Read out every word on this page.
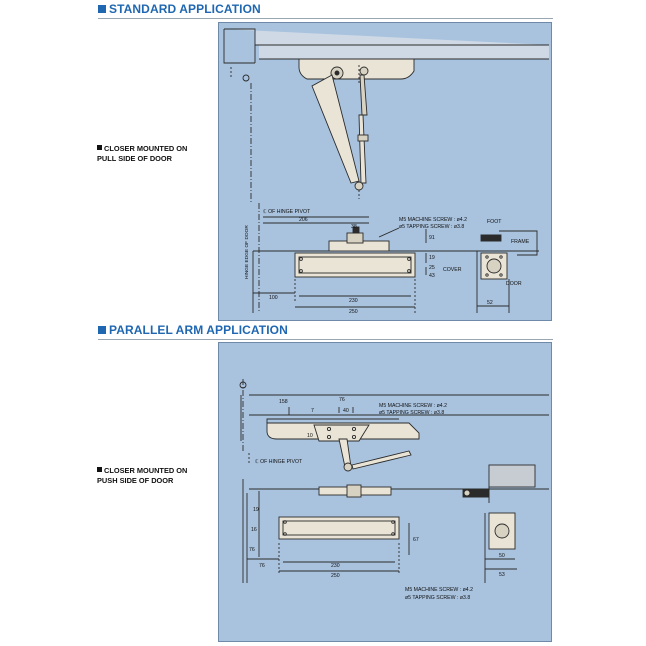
STANDARD APPLICATION
CLOSER MOUNTED ON
PULL SIDE OF DOOR
ℂ OF HINGE PIVOT
HINGE EDGE OF DOOR
M5 MACHINE SCREW : ø4.2
ø5 TAPPING SCREW : ø3.8
206
38
91
19
25
43
100	230
250
FOOT
FRAME
COVER
DOOR
52
PARALLEL ARM APPLICATION
CLOSER MOUNTED ON
PUSH SIDE OF DOOR
158	76
40
7
10
M5 MACHINE SCREW : ø4.2
ø5 TAPPING SCREW : ø3.8
ℂ OF HINGE PIVOT
19
16
76
67
76	230
250
M5 MACHINE SCREW : ø4.2
ø5 TAPPING SCREW : ø3.8
50
53
